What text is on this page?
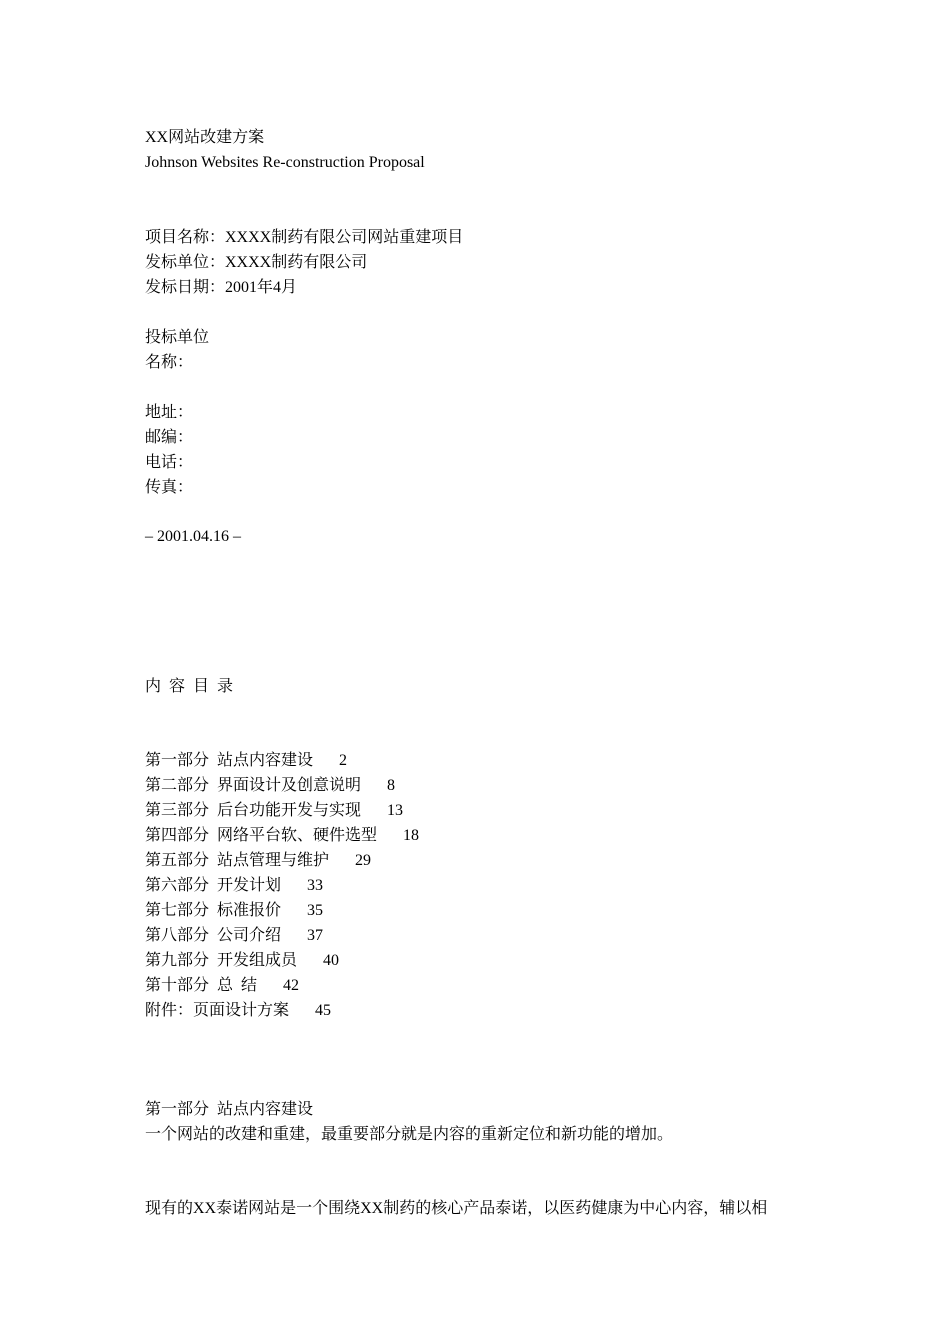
XX网站改建方案
Johnson Websites Re-construction Proposal
项目名称：XXXX制药有限公司网站重建项目
发标单位：XXXX制药有限公司
发标日期：2001年4月
投标单位
名称：
地址：
邮编：
电话：
传真：
– 2001.04.16 –
内  容  目  录
第一部分  站点内容建设 2
第二部分  界面设计及创意说明 8
第三部分  后台功能开发与实现 13
第四部分  网络平台软、硬件选型 18
第五部分  站点管理与维护 29
第六部分  开发计划 33
第七部分  标准报价 35
第八部分  公司介绍 37
第九部分  开发组成员 40
第十部分  总  结 42
附件：页面设计方案 45
第一部分  站点内容建设
一个网站的改建和重建，最重要部分就是内容的重新定位和新功能的增加。
现有的XX泰诺网站是一个围绕XX制药的核心产品泰诺，以医药健康为中心内容，辅以相
